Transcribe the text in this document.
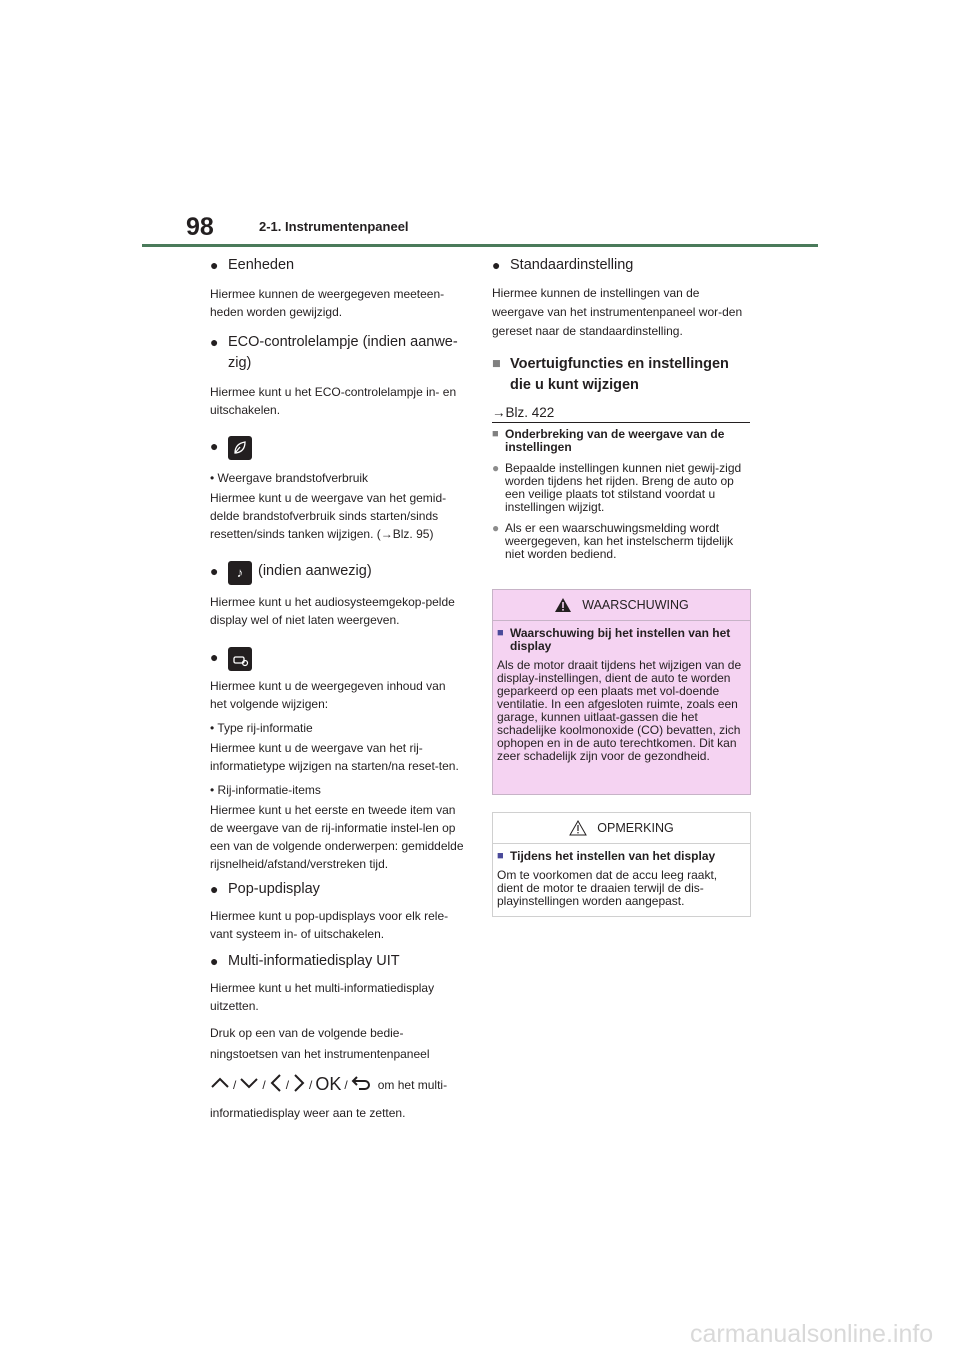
98	2-1. Instrumentenpaneel
● Eenheden

Hiermee kunnen de weergegeven meeteen-heden worden gewijzigd.

● ECO-controlelampje (indien aanwe-
zig)

Hiermee kunt u het ECO-controlelampje in- en uitschakelen.

●

• Weergave brandstofverbruik

Hiermee kunt u de weergave van het gemid-delde brandstofverbruik sinds starten/sinds resetten/sinds tanken wijzigen. (→Blz. 95)

●	♪	(indien aanwezig)

Hiermee kunt u het audiosysteemgekop-pelde display wel of niet laten weergeven.

●

Hiermee kunt u de weergegeven inhoud van het volgende wijzigen:

• Type rij-informatie

Hiermee kunt u de weergave van het rij-informatietype wijzigen na starten/na reset-ten.

• Rij-informatie-items

Hiermee kunt u het eerste en tweede item van de weergave van de rij-informatie instel-len op een van de volgende onderwerpen: gemiddelde rijsnelheid/afstand/verstreken tijd.

● Pop-updisplay

Hiermee kunt u pop-updisplays voor elk rele-vant systeem in- of uitschakelen.

● Multi-informatiedisplay UIT

Hiermee kunt u het multi-informatiedisplay uitzetten.

Druk op een van de volgende bedie-ningstoetsen van het instrumentenpaneel

/ / / / OK /	om het multi-

informatiedisplay weer aan te zetten.

● Standaardinstelling

Hiermee kunnen de instellingen van de weergave van het instrumentenpaneel wor-den gereset naar de standaardinstelling.

■ Voertuigfuncties en instellingen
die u kunt wijzigen

→Blz. 422

■ Onderbreking van de weergave van de instellingen
● Bepaalde instellingen kunnen niet gewij-zigd worden tijdens het rijden. Breng de auto op een veilige plaats tot stilstand voordat u instellingen wijzigt.
● Als er een waarschuwingsmelding wordt weergegeven, kan het instelscherm tijdelijk niet worden bediend.
WAARSCHUWING
■ Waarschuwing bij het instellen van het display
Als de motor draait tijdens het wijzigen van de display-instellingen, dient de auto te worden geparkeerd op een plaats met vol-doende ventilatie. In een afgesloten ruimte, zoals een garage, kunnen uitlaat-gassen die het schadelijke koolmonoxide (CO) bevatten, zich ophopen en in de auto terechtkomen. Dit kan zeer schadelijk zijn voor de gezondheid.
OPMERKING
■ Tijdens het instellen van het display
Om te voorkomen dat de accu leeg raakt, dient de motor te draaien terwijl de dis-playinstellingen worden aangepast.
carmanualsonline.info
